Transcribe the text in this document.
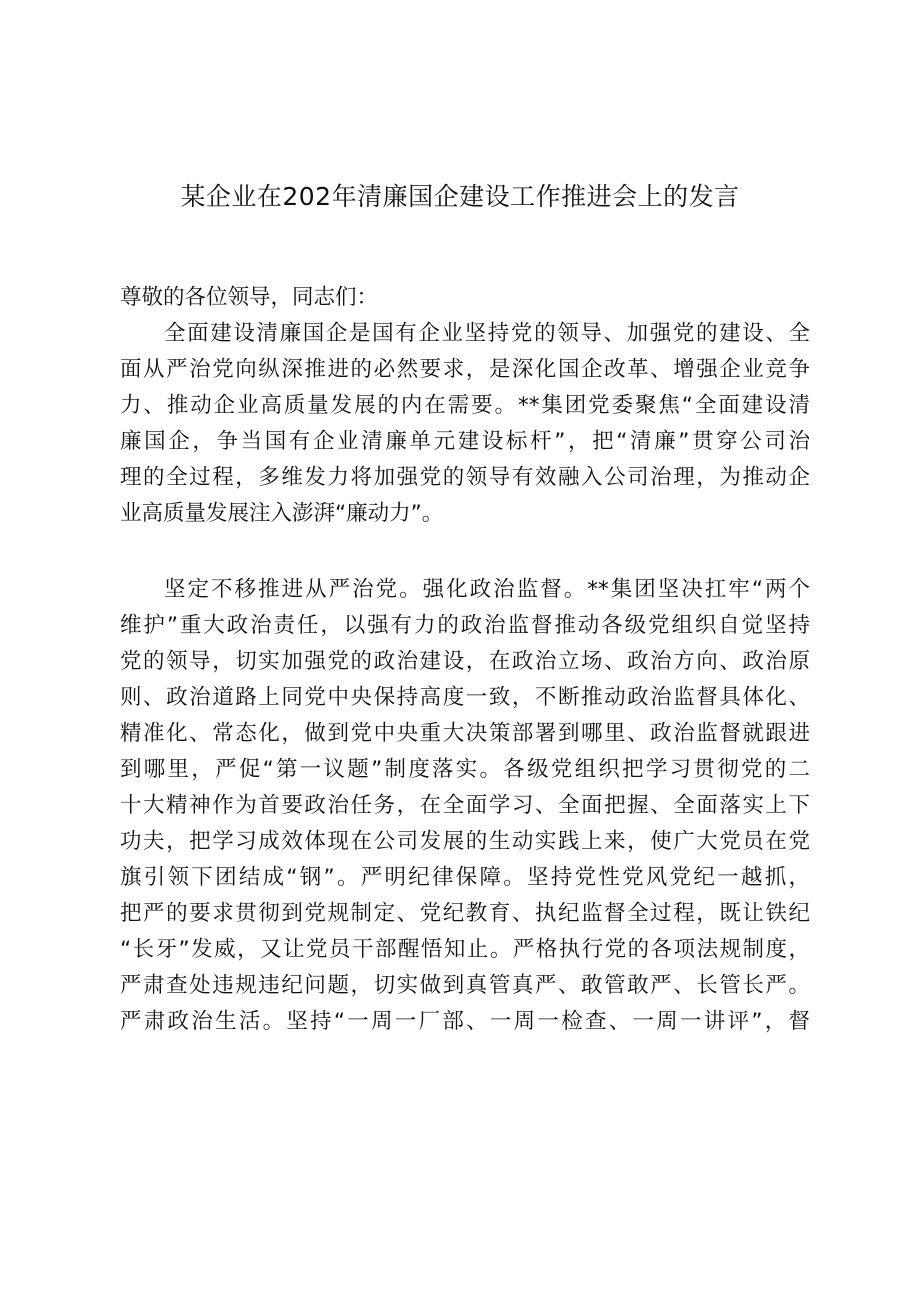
某企业在202年清廉国企建设工作推进会上的发言

尊敬的各位领导，同志们：

全面建设清廉国企是国有企业坚持党的领导、加强党的建设、全
面从严治党向纵深推进的必然要求，是深化国企改革、增强企业竞争
力、推动企业高质量发展的内在需要。**集团党委聚焦“全面建设清
廉国企，争当国有企业清廉单元建设标杆”，把“清廉”贯穿公司治
理的全过程，多维发力将加强党的领导有效融入公司治理，为推动企
业高质量发展注入澎湃“廉动力”。

坚定不移推进从严治党。强化政治监督。**集团坚决扛牢“两个
维护”重大政治责任，以强有力的政治监督推动各级党组织自觉坚持
党的领导，切实加强党的政治建设，在政治立场、政治方向、政治原
则、政治道路上同党中央保持高度一致，不断推动政治监督具体化、
精准化、常态化，做到党中央重大决策部署到哪里、政治监督就跟进
到哪里，严促“第一议题”制度落实。各级党组织把学习贯彻党的二
十大精神作为首要政治任务，在全面学习、全面把握、全面落实上下
功夫，把学习成效体现在公司发展的生动实践上来，使广大党员在党
旗引领下团结成“钢”。严明纪律保障。坚持党性党风党纪一越抓，
把严的要求贯彻到党规制定、党纪教育、执纪监督全过程，既让铁纪
“长牙”发威，又让党员干部醒悟知止。严格执行党的各项法规制度，
严肃查处违规违纪问题，切实做到真管真严、敢管敢严、长管长严。
严肃政治生活。坚持“一周一厂部、一周一检查、一周一讲评”，督
